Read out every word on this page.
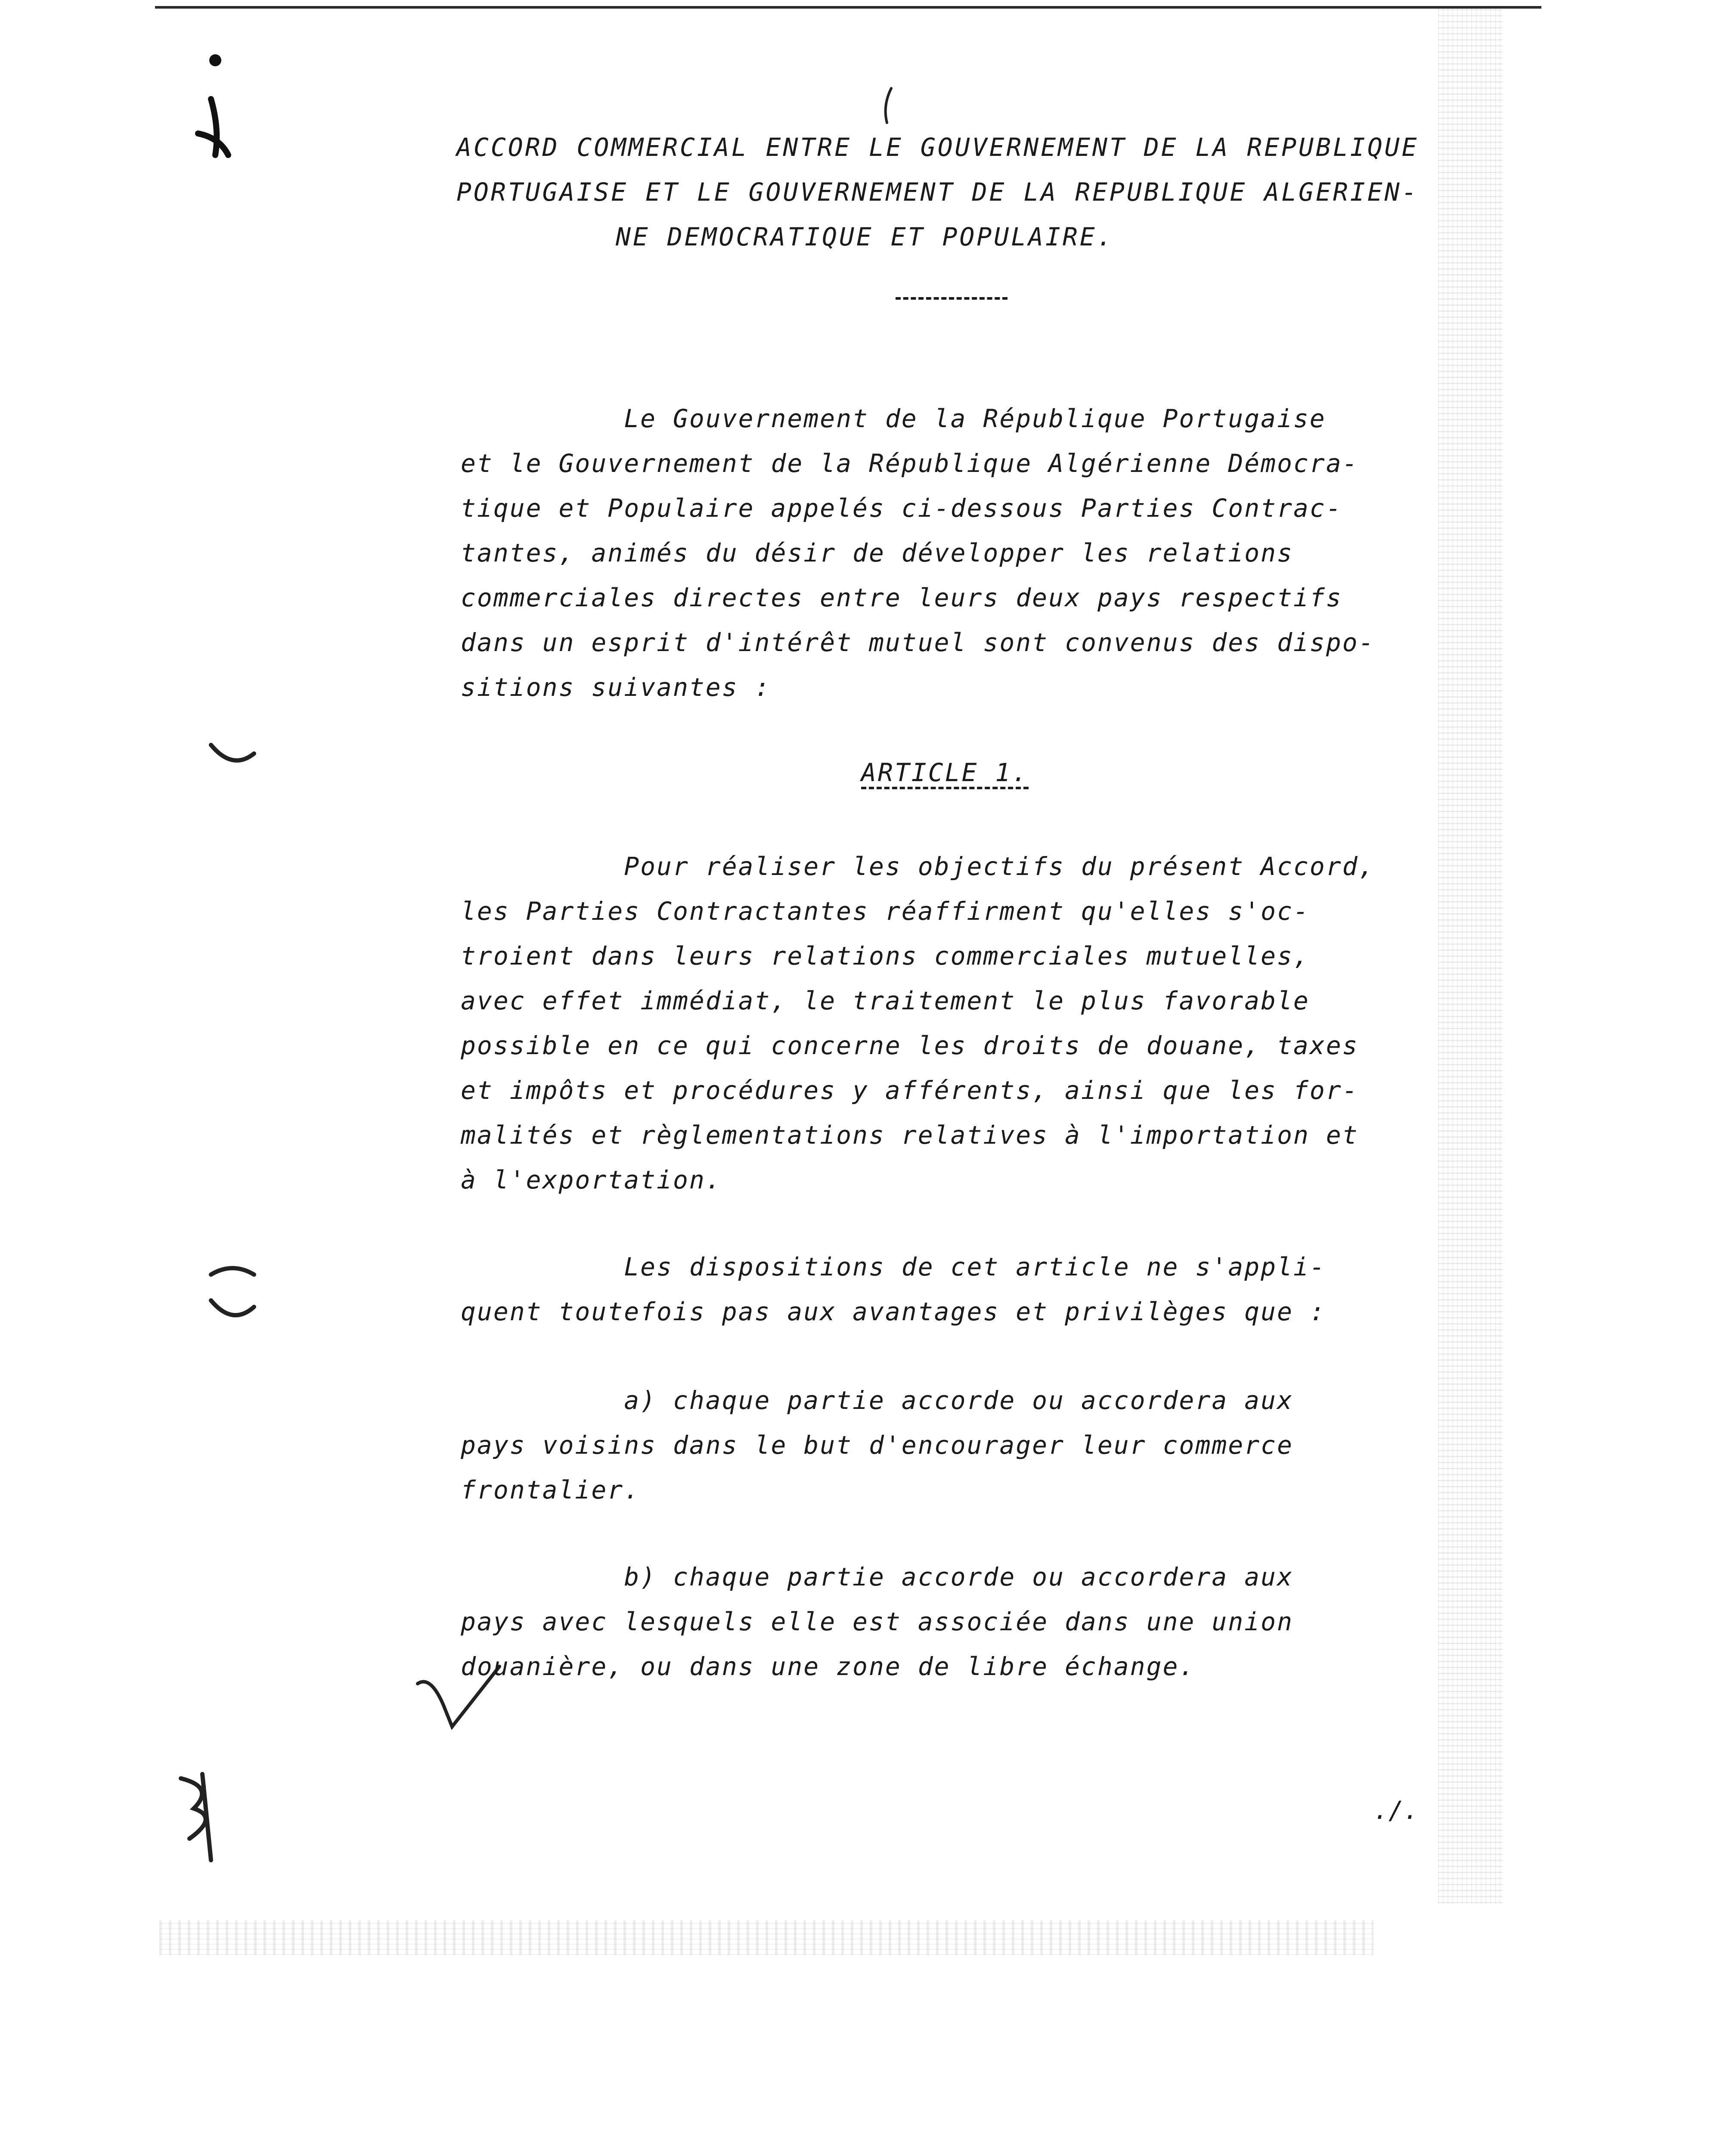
ACCORD COMMERCIAL ENTRE LE GOUVERNEMENT DE LA REPUBLIQUE

PORTUGAISE ET LE GOUVERNEMENT DE LA REPUBLIQUE ALGERIEN-

NE DEMOCRATIQUE ET POPULAIRE.

Le Gouvernement de la République Portugaise

et le Gouvernement de la République Algérienne Démocra-

tique et Populaire appelés ci-dessous Parties Contrac-

tantes, animés du désir de développer les relations

commerciales directes entre leurs deux pays respectifs

dans un esprit d'intérêt mutuel sont convenus des dispo-

sitions suivantes :

ARTICLE 1.

Pour réaliser les objectifs du présent Accord,

les Parties Contractantes réaffirment qu'elles s'oc-

troient dans leurs relations commerciales mutuelles,

avec effet immédiat, le traitement le plus favorable

possible en ce qui concerne les droits de douane, taxes

et impôts et procédures y afférents, ainsi que les for-

malités et règlementations relatives à l'importation et

à l'exportation.

Les dispositions de cet article ne s'appli-

quent toutefois pas aux avantages et privilèges que :

a) chaque partie accorde ou accordera aux

pays voisins dans le but d'encourager leur commerce

frontalier.

b) chaque partie accorde ou accordera aux

pays avec lesquels elle est associée dans une union

douanière, ou dans une zone de libre échange.

./.
